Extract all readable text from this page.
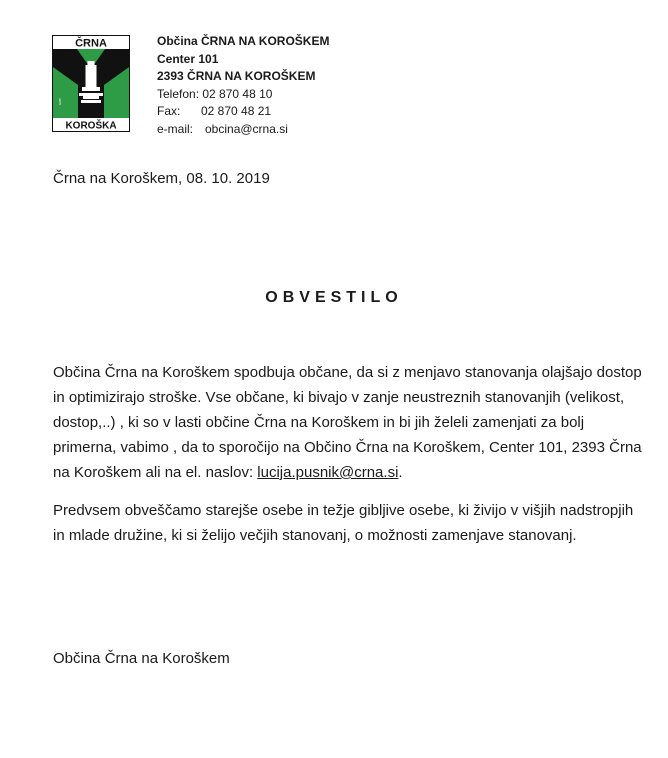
ČRNA
GRB
KOROŠKA
Občina ČRNA NA KOROŠKEM
Center 101
2393 ČRNA NA KOROŠKEM
Telefon: 02 870 48 10
Fax: 02 870 48 21
e-mail: obcina@crna.si
Črna na Koroškem, 08. 10. 2019
OBVESTILO

Občina Črna na Koroškem spodbuja občane, da si z menjavo stanovanja olajšajo dostop in optimizirajo stroške. Vse občane, ki bivajo v zanje neustreznih stanovanjih (velikost, dostop,..) , ki so v lasti občine Črna na Koroškem in bi jih želeli zamenjati za bolj primerna, vabimo , da to sporočijo na Občino Črna na Koroškem, Center 101, 2393 Črna na Koroškem ali na el. naslov: lucija.pusnik@crna.si.

Predvsem obveščamo starejše osebe in težje gibljive osebe, ki živijo v višjih nadstropjih in mlade družine, ki si želijo večjih stanovanj, o možnosti zamenjave stanovanj.

Občina Črna na Koroškem
